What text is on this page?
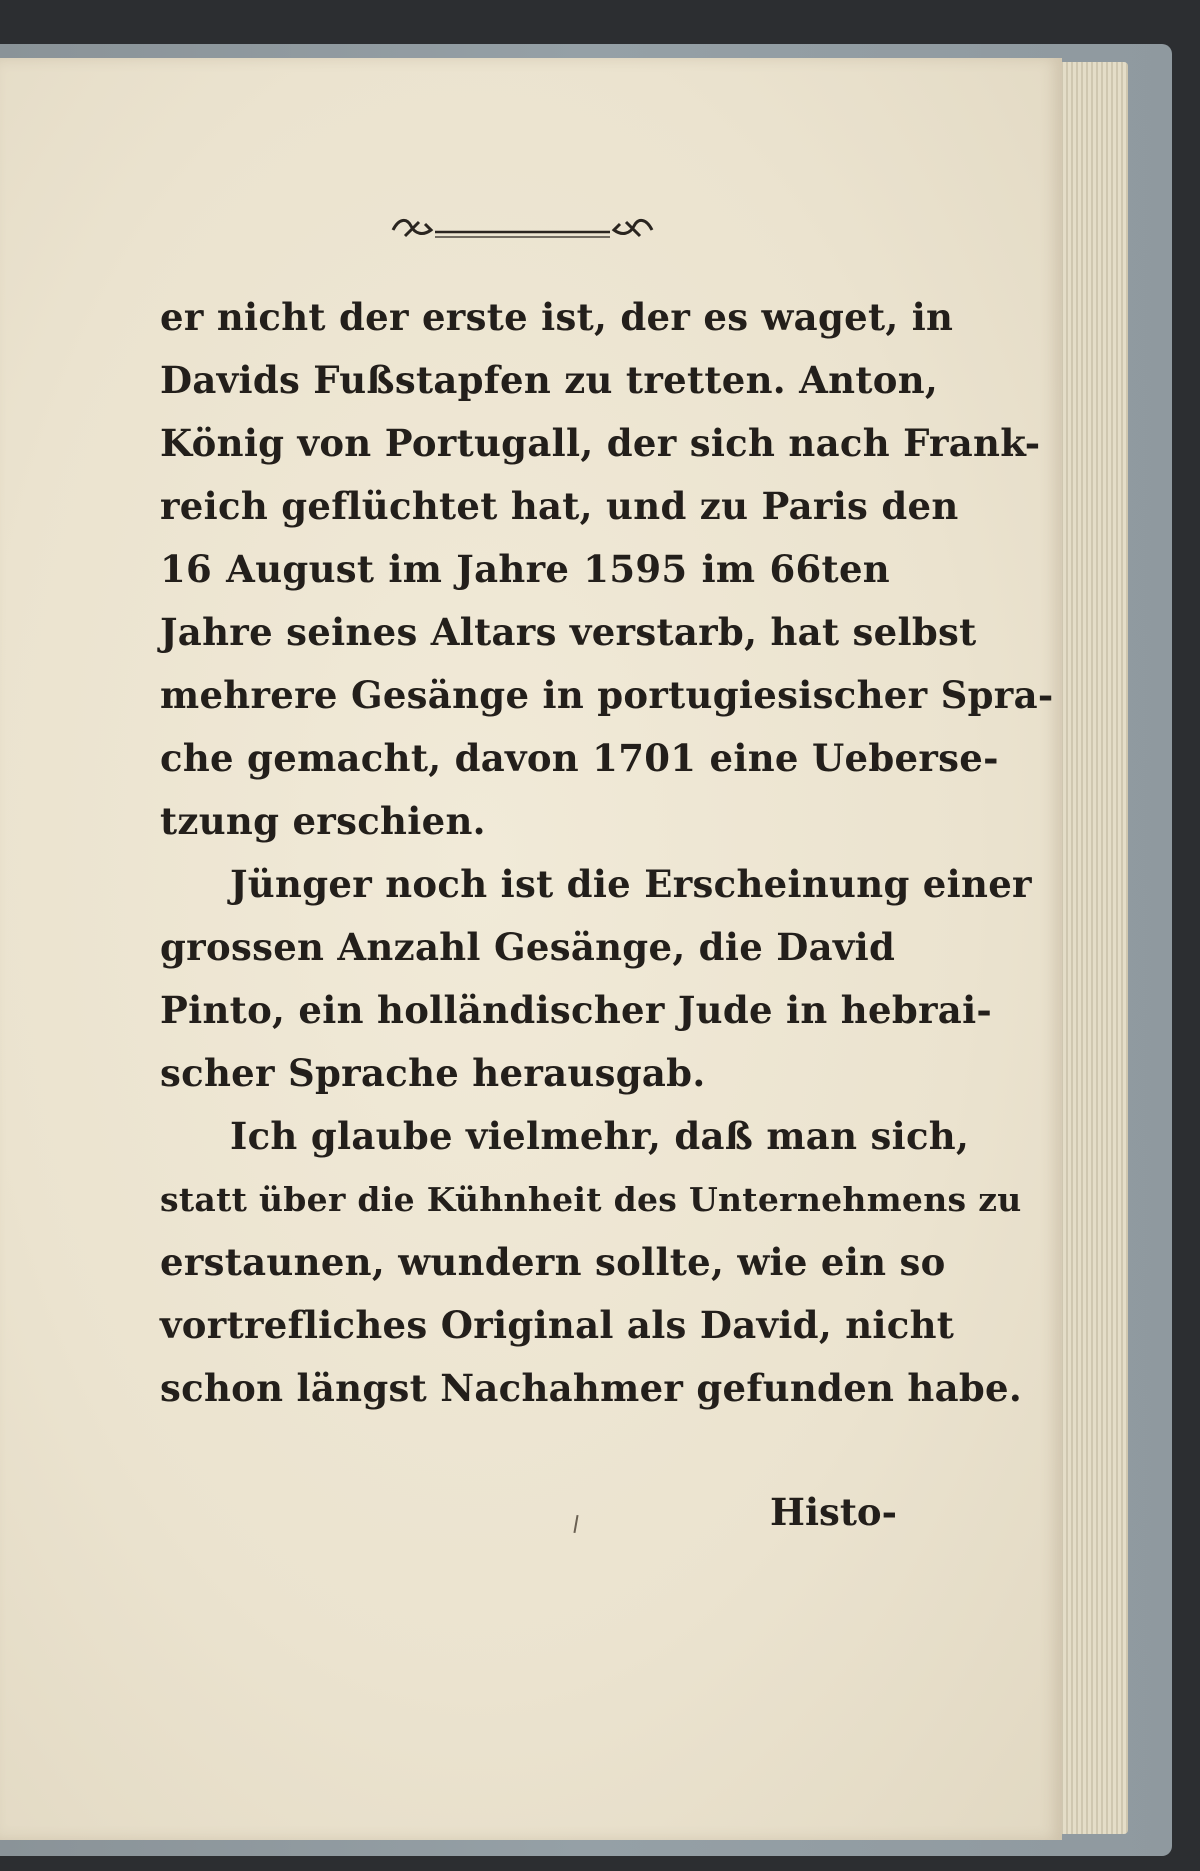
er nicht der erste ist, der es waget, in
Davids Fußstapfen zu tretten. Anton,
König von Portugall, der sich nach Frank-
reich geflüchtet hat, und zu Paris den
16 August im Jahre 1595 im 66ten
Jahre seines Altars verstarb, hat selbst
mehrere Gesänge in portugiesischer Spra-
che gemacht, davon 1701 eine Ueberse-
tzung erschien.
Jünger noch ist die Erscheinung einer
grossen Anzahl Gesänge, die David
Pinto, ein holländischer Jude in hebrai-
scher Sprache herausgab.
Ich glaube vielmehr, daß man sich,
statt über die Kühnheit des Unternehmens zu
erstaunen, wundern sollte, wie ein so
vortrefliches Original als David, nicht
schon längst Nachahmer gefunden habe.
Histo-
